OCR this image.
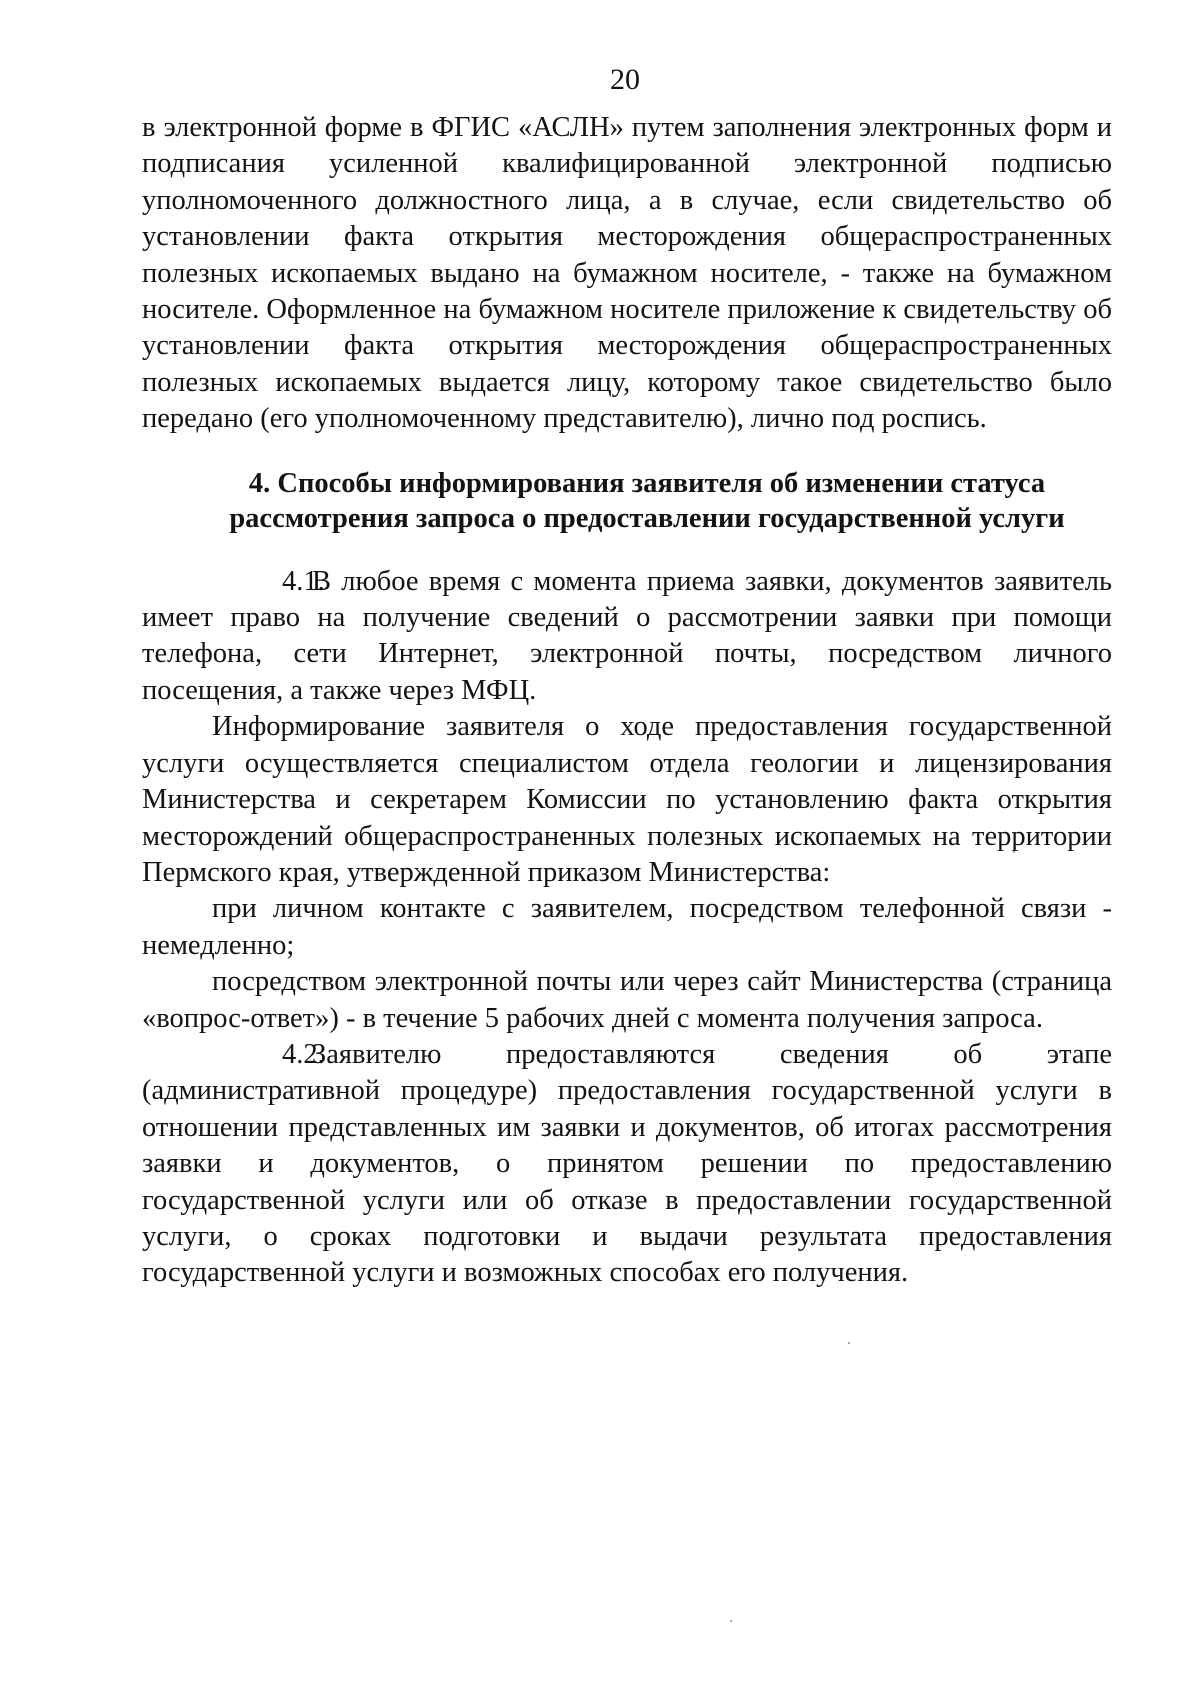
20

в электронной форме в ФГИС «АСЛН» путем заполнения электронных форм и подписания усиленной квалифицированной электронной подписью уполномоченного должностного лица, а в случае, если свидетельство об установлении факта открытия месторождения общераспространенных полезных ископаемых выдано на бумажном носителе, - также на бумажном носителе. Оформленное на бумажном носителе приложение к свидетельству об установлении факта открытия месторождения общераспространенных полезных ископаемых выдается лицу, которому такое свидетельство было передано (его уполномоченному представителю), лично под роспись.

4. Способы информирования заявителя об изменении статуса
рассмотрения запроса о предоставлении государственной услуги

4.1.В любое время с момента приема заявки, документов заявитель имеет право на получение сведений о рассмотрении заявки при помощи телефона, сети Интернет, электронной почты, посредством личного посещения, а также через МФЦ.

Информирование заявителя о ходе предоставления государственной услуги осуществляется специалистом отдела геологии и лицензирования Министерства и секретарем Комиссии по установлению факта открытия месторождений общераспространенных полезных ископаемых на территории Пермского края, утвержденной приказом Министерства:

при личном контакте с заявителем, посредством телефонной связи - немедленно;

посредством электронной почты или через сайт Министерства (страница «вопрос-ответ») - в течение 5 рабочих дней с момента получения запроса.

4.2.Заявителю предоставляются сведения об этапе (административной процедуре) предоставления государственной услуги в отношении представленных им заявки и документов, об итогах рассмотрения заявки и документов, о принятом решении по предоставлению государственной услуги или об отказе в предоставлении государственной услуги, о сроках подготовки и выдачи результата предоставления государственной услуги и возможных способах его получения.
